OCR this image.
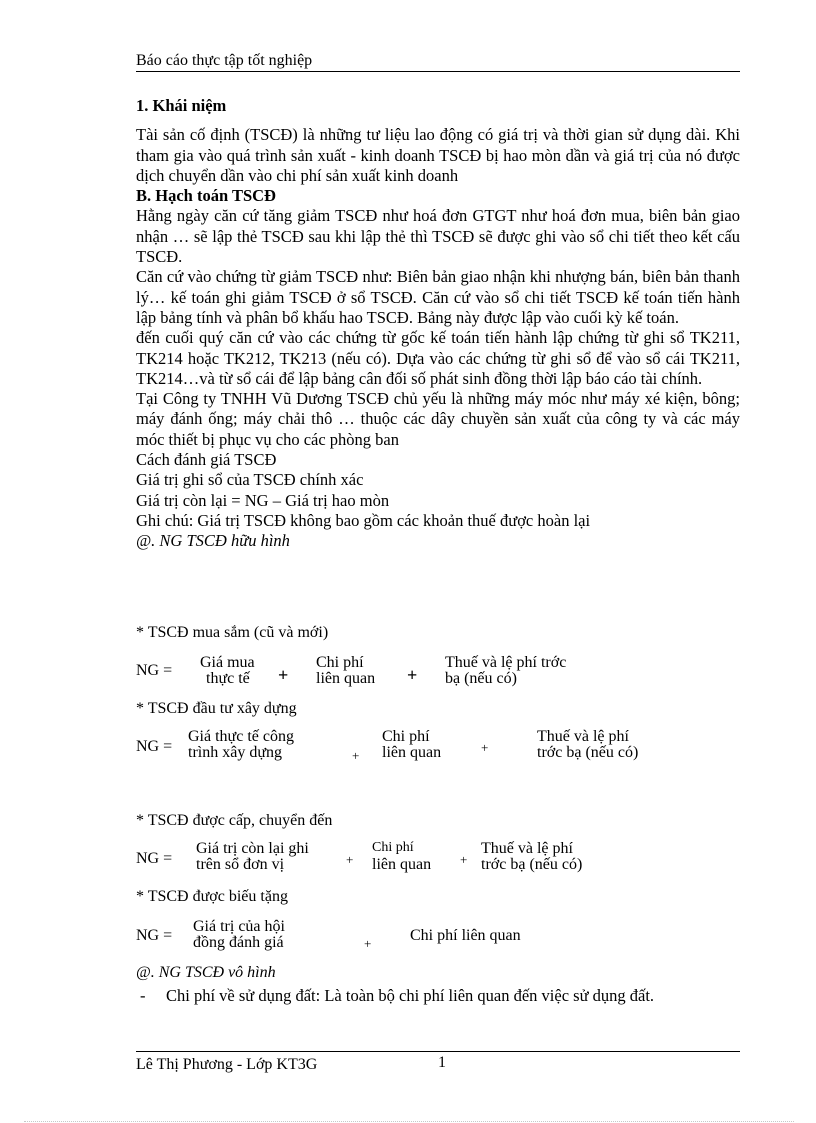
Báo cáo thực tập tốt nghiệp

1. Khái niệm

Tài sản cố định (TSCĐ) là những tư liệu lao động có giá trị và thời gian sử dụng dài. Khi tham gia vào quá trình sản xuất - kinh doanh TSCĐ bị hao mòn dần và giá trị của nó được dịch chuyển dần vào chi phí sản xuất kinh doanh

B. Hạch toán TSCĐ

Hằng ngày căn cứ tăng giảm TSCĐ như hoá đơn GTGT như hoá đơn mua, biên bản giao nhận … sẽ lập thẻ TSCĐ sau khi lập thẻ thì TSCĐ sẽ được ghi vào sổ chi tiết theo kết cấu TSCĐ.

Căn cứ vào chứng từ giảm TSCĐ như: Biên bản giao nhận khi nhượng bán, biên bản thanh lý… kế toán ghi giảm TSCĐ ở sổ TSCĐ. Căn cứ vào sổ chi tiết TSCĐ kế toán tiến hành lập bảng tính và phân bổ khấu hao TSCĐ. Bảng này được lập vào cuối kỳ kế toán.

đến cuối quý căn cứ vào các chứng từ gốc kế toán tiến hành lập chứng từ ghi sổ TK211, TK214 hoặc TK212, TK213 (nếu có). Dựa vào các chứng từ ghi sổ để vào sổ cái TK211, TK214…và từ sổ cái để lập bảng cân đối số phát sinh đồng thời lập báo cáo tài chính.

Tại Công ty TNHH Vũ Dương TSCĐ chủ yếu là những máy móc như máy xé kiện, bông; máy đánh ống; máy chải thô … thuộc các dây chuyền sản xuất của công ty và các máy móc thiết bị phục vụ cho các phòng ban

Cách đánh giá TSCĐ

Giá trị ghi sổ của TSCĐ chính xác

Giá trị còn lại = NG – Giá trị hao mòn

Ghi chú: Giá trị TSCĐ không bao gồm các khoản thuế được hoàn lại

@. NG TSCĐ hữu hình

* TSCĐ mua sắm (cũ và mới)
NG = Giá mua
thực tế +
Chi phí
liên quan +
Thuế và lệ phí trớc
bạ (nếu có)
* TSCĐ đầu tư xây dựng
NG =
Giá thực tế công
trình xây dựng	+
Chi phí
liên quan	+
Thuế và lệ phí
trớc bạ (nếu có)
* TSCĐ được cấp, chuyển đến
NG =
Giá trị còn lại ghi
trên sổ đơn vị	+
Chi phí
liên quan +
Thuế và lệ phí
trớc bạ (nếu có)
* TSCĐ được biếu tặng
NG =
Giá trị của hội
đồng đánh giá	+ Chi phí liên quan
@. NG TSCĐ vô hình
- Chi phí về sử dụng đất: Là toàn bộ chi phí liên quan đến việc sử dụng đất.
Lê Thị Phương - Lớp KT3G	1
